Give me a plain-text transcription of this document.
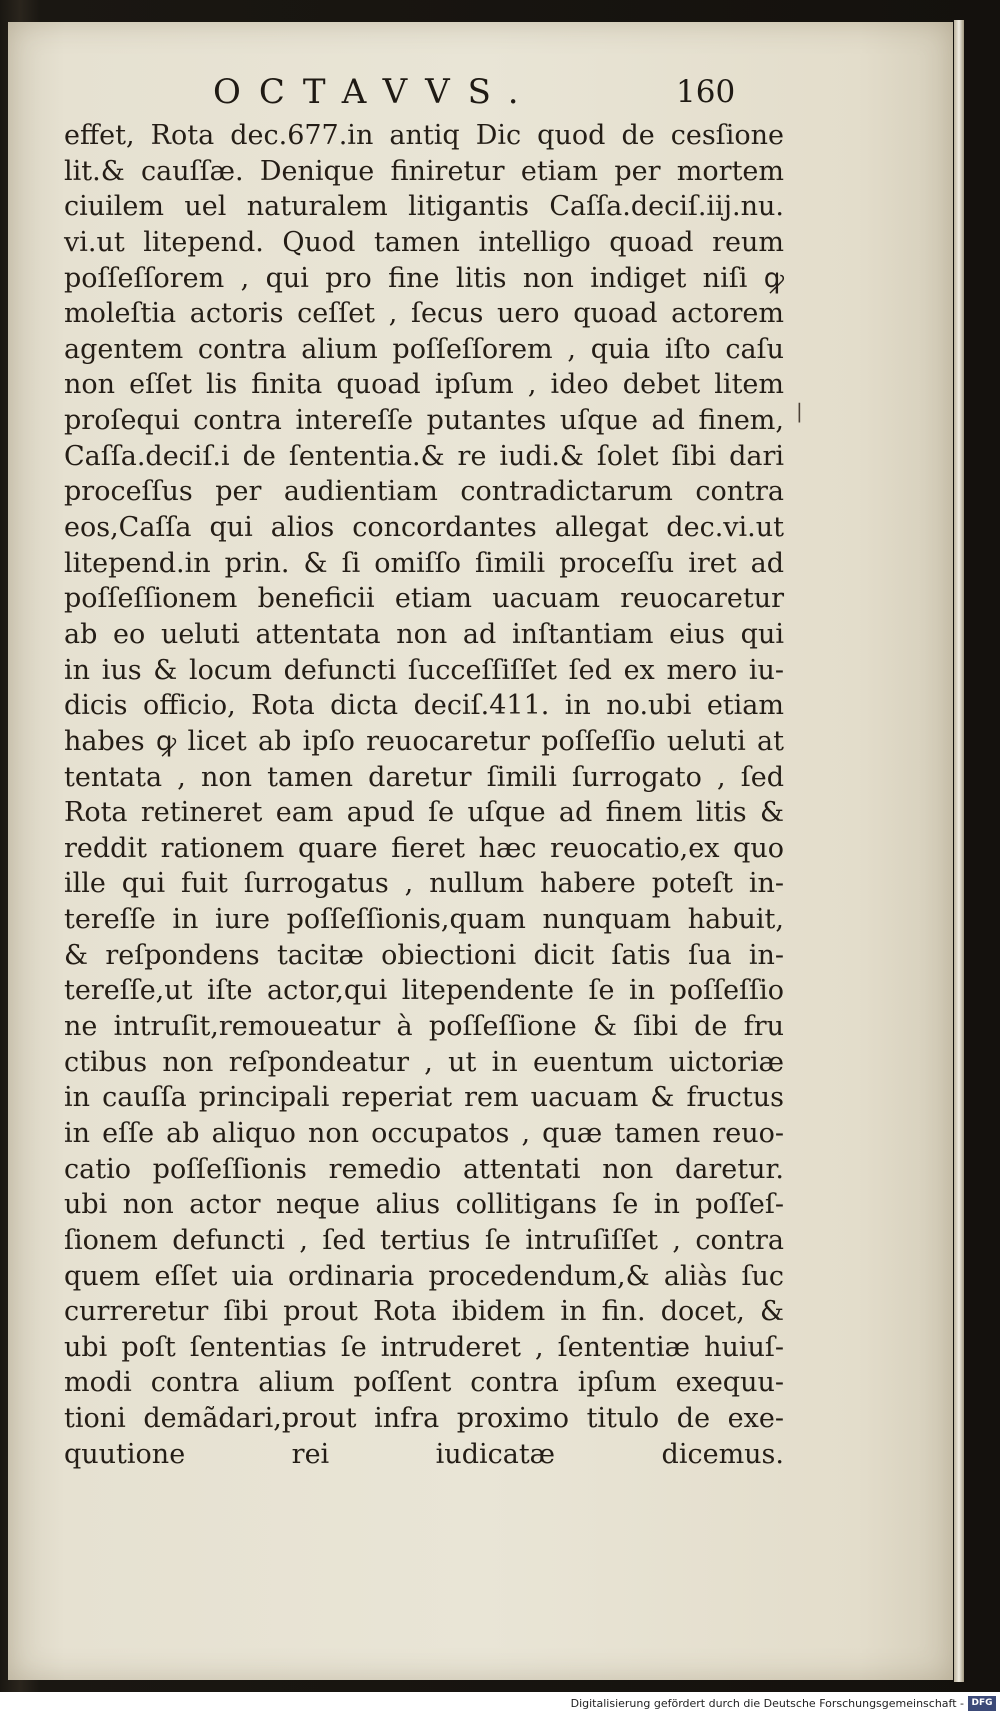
OCTAVVS.	160
effet, Rota dec.677.in antiq Dic quod de cesſione
lit.& cauſſæ. Denique finiretur etiam per mortem
ciuilem uel naturalem litigantis Caſſa.deciſ.iij.nu.
vi.ut litepend. Quod tamen intelligo quoad reum
poſſeſſorem , qui pro fine litis non indiget niſi ꝙ
moleſtia actoris ceſſet , ſecus uero quoad actorem
agentem contra alium poſſeſſorem , quia iſto caſu
non eſſet lis finita quoad ipſum , ideo debet litem
proſequi contra intereſſe putantes uſque ad finem,
Caſſa.deciſ.i de ſententia.& re iudi.& ſolet ſibi dari
proceſſus per audientiam contradictarum contra
eos,Caſſa qui alios concordantes allegat dec.vi.ut
litepend.in prin. & ſi omiſſo ſimili proceſſu iret ad
poſſeſſionem beneficii etiam uacuam reuocaretur
ab eo ueluti attentata non ad inſtantiam eius qui
in ius & locum defuncti ſucceſſiſſet ſed ex mero iu-
dicis officio, Rota dicta deciſ.411. in no.ubi etiam
habes ꝙ licet ab ipſo reuocaretur poſſeſſio ueluti at
tentata , non tamen daretur ſimili ſurrogato , ſed
Rota retineret eam apud ſe uſque ad finem litis &
reddit rationem quare fieret hæc reuocatio,ex quo
ille qui fuit ſurrogatus , nullum habere poteſt in-
tereſſe in iure poſſeſſionis,quam nunquam habuit,
& reſpondens tacitæ obiectioni dicit ſatis ſua in-
tereſſe,ut iſte actor,qui litependente ſe in poſſeſſio
ne intruſit,remoueatur à poſſeſſione & ſibi de fru
ctibus non reſpondeatur , ut in euentum uictoriæ
in cauſſa principali reperiat rem uacuam & fructus
in eſſe ab aliquo non occupatos , quæ tamen reuo-
catio poſſeſſionis remedio attentati non daretur.
ubi non actor neque alius collitigans ſe in poſſeſ-
ſionem defuncti , ſed tertius ſe intruſiſſet , contra
quem eſſet uia ordinaria procedendum,& aliàs ſuc
curreretur ſibi prout Rota ibidem in fin. docet, &
ubi poſt ſententias ſe intruderet , ſententiæ huiuſ-
modi contra alium poſſent contra ipſum exequu-
tioni demãdari,prout infra proximo titulo de exe-
quutione rei iudicatæ dicemus.
|
Digitalisierung gefördert durch die Deutsche Forschungsgemeinschaft - DFG
